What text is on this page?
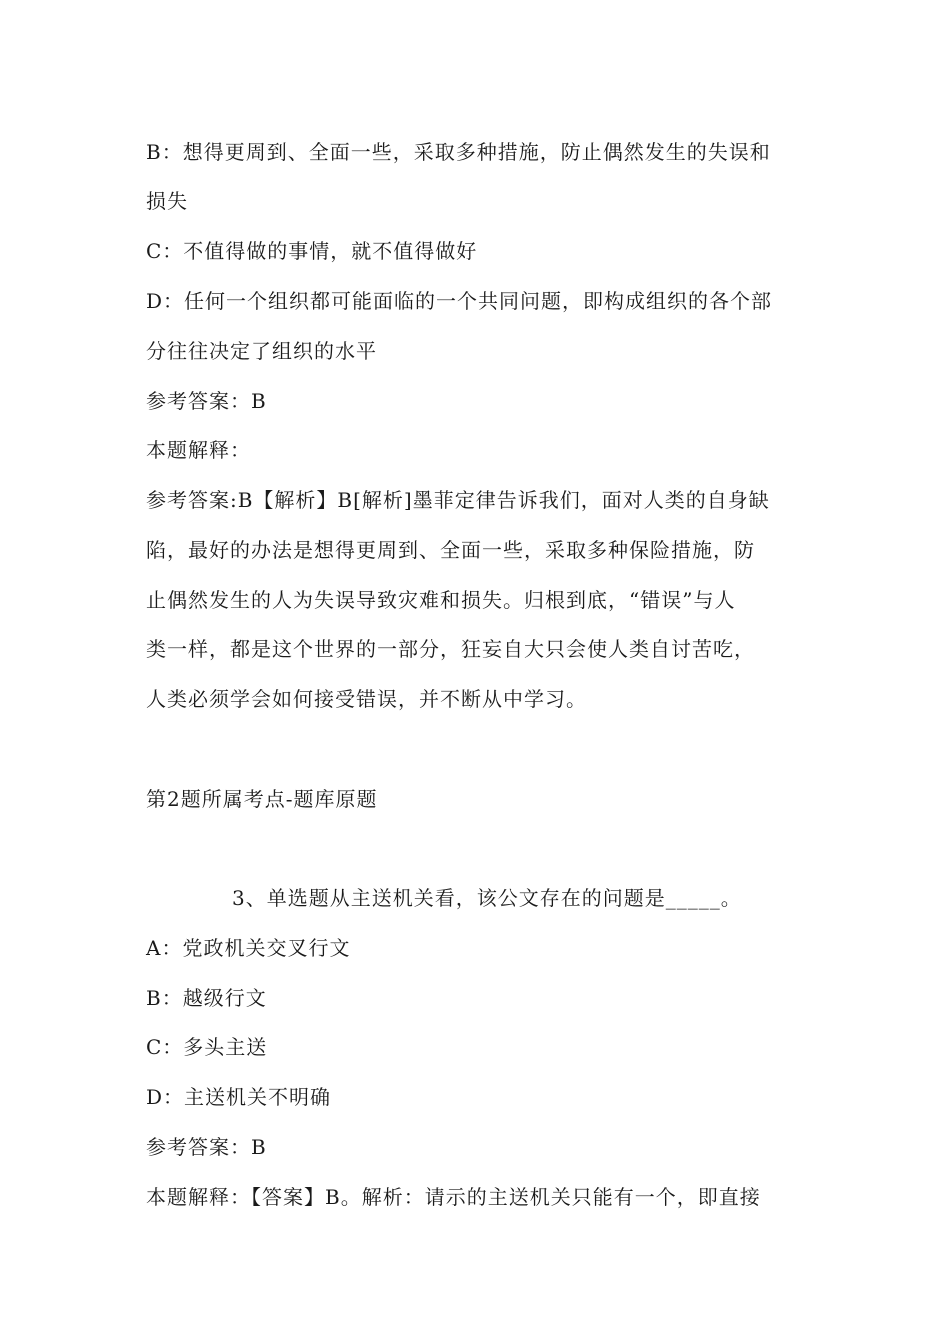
B：想得更周到、全面一些，采取多种措施，防止偶然发生的失误和
损失
C：不值得做的事情，就不值得做好
D：任何一个组织都可能面临的一个共同问题，即构成组织的各个部
分往往决定了组织的水平
参考答案：B
本题解释：
参考答案:B【解析】B[解析]墨菲定律告诉我们，面对人类的自身缺
陷，最好的办法是想得更周到、全面一些，采取多种保险措施，防
止偶然发生的人为失误导致灾难和损失。归根到底，“错误”与人
类一样，都是这个世界的一部分，狂妄自大只会使人类自讨苦吃，
人类必须学会如何接受错误，并不断从中学习。
第2题所属考点-题库原题
3、单选题从主送机关看，该公文存在的问题是_____。
A：党政机关交叉行文
B：越级行文
C：多头主送
D：主送机关不明确
参考答案：B
本题解释：【答案】B。解析：请示的主送机关只能有一个，即直接
